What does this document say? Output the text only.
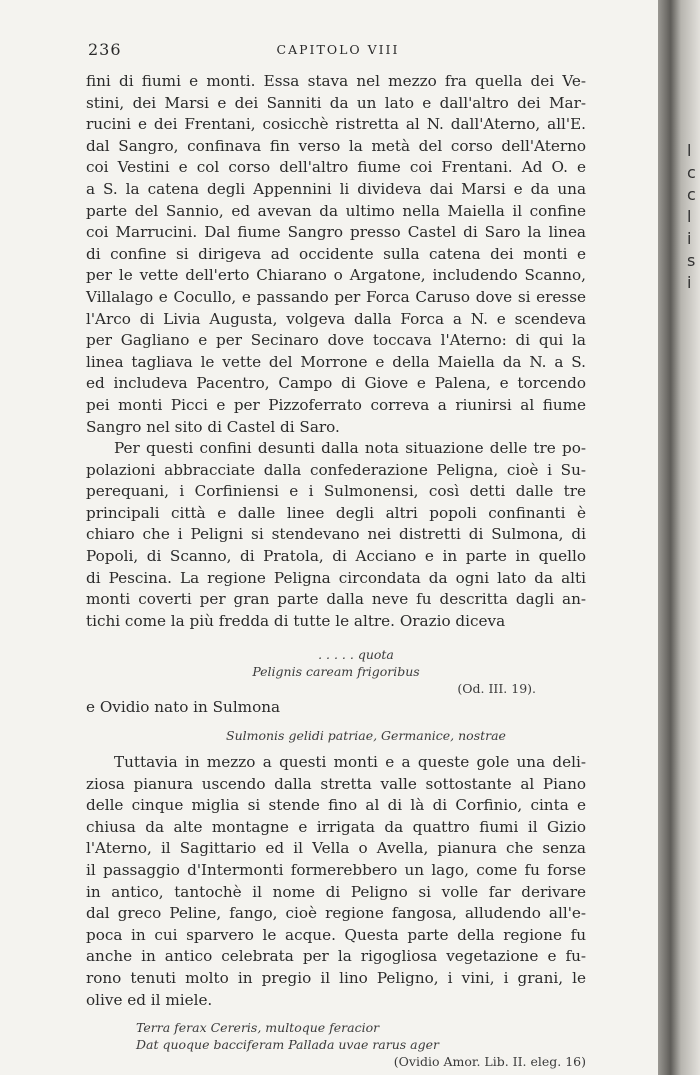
236	CAPITOLO VIII

fini di fiumi e monti. Essa stava nel mezzo fra quella dei Ve-
stini, dei Marsi e dei Sanniti da un lato e dall'altro dei Mar-
rucini e dei Frentani, cosicchè ristretta al N. dall'Aterno, all'E.
dal Sangro, confinava fin verso la metà del corso dell'Aterno
coi Vestini e col corso dell'altro fiume coi Frentani. Ad O. e
a S. la catena degli Appennini li divideva dai Marsi e da una
parte del Sannio, ed avevan da ultimo nella Maiella il confine
coi Marrucini. Dal fiume Sangro presso Castel di Saro la linea
di confine si dirigeva ad occidente sulla catena dei monti e
per le vette dell'erto Chiarano o Argatone, includendo Scanno,
Villalago e Cocullo, e passando per Forca Caruso dove si eresse
l'Arco di Livia Augusta, volgeva dalla Forca a N. e scendeva
per Gagliano e per Secinaro dove toccava l'Aterno: di qui la
linea tagliava le vette del Morrone e della Maiella da N. a S.
ed includeva Pacentro, Campo di Giove e Palena, e torcendo
pei monti Picci e per Pizzoferrato correva a riunirsi al fiume
Sangro nel sito di Castel di Saro.

Per questi confini desunti dalla nota situazione delle tre po-
polazioni abbracciate dalla confederazione Peligna, cioè i Su-
perequani, i Corfiniensi e i Sulmonensi, così detti dalle tre
principali città e dalle linee degli altri popoli confinanti è
chiaro che i Peligni si stendevano nei distretti di Sulmona, di
Popoli, di Scanno, di Pratola, di Acciano e in parte in quello
di Pescina. La regione Peligna circondata da ogni lato da alti
monti coverti per gran parte dalla neve fu descritta dagli an-
tichi come la più fredda di tutte le altre. Orazio diceva

. . . . . quota
Pelignis caream frigoribus
(Od. III. 19).

e Ovidio nato in Sulmona

Sulmonis gelidi patriae, Germanice, nostrae

Tuttavia in mezzo a questi monti e a queste gole una deli-
ziosa pianura uscendo dalla stretta valle sottostante al Piano
delle cinque miglia si stende fino al di là di Corfinio, cinta e
chiusa da alte montagne e irrigata da quattro fiumi il Gizio
l'Aterno, il Sagittario ed il Vella o Avella, pianura che senza
il passaggio d'Intermonti formerebbero un lago, come fu forse
in antico, tantochè il nome di Peligno si volle far derivare
dal greco Peline, fango, cioè regione fangosa, alludendo all'e-
poca in cui sparvero le acque. Questa parte della regione fu
anche in antico celebrata per la rigogliosa vegetazione e fu-
rono tenuti molto in pregio il lino Peligno, i vini, i grani, le
olive ed il miele.

Terra ferax Cereris, multoque feracior
Dat quoque bacciferam Pallada uvae rarus ager
(Ovidio Amor. Lib. II. eleg. 16)
l
c
c
l
i
s
i
